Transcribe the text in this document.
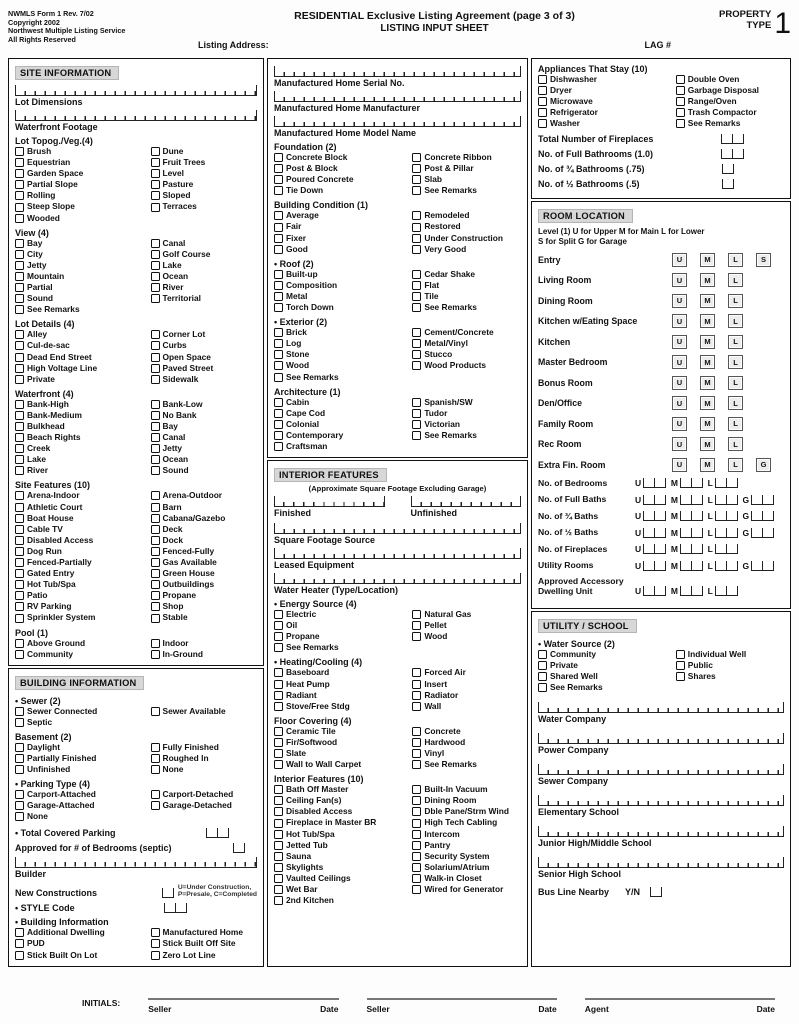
NWMLS Form 1 Rev. 7/02
Copyright 2002
Northwest Multiple Listing Service
All Rights Reserved
RESIDENTIAL Exclusive Listing Agreement (page 3 of 3)
LISTING INPUT SHEET
Listing Address:	LAG #
PROPERTY
TYPE 1
SITE INFORMATION
Lot Dimensions
Waterfront Footage
Lot Topog./Veg.(4)
Brush
Equestrian
Garden Space
Partial Slope
Rolling
Steep Slope
Wooded
Dune
Fruit Trees
Level
Pasture
Sloped
Terraces
View (4)
Bay
City
Jetty
Mountain
Partial
Sound
See Remarks
Canal
Golf Course
Lake
Ocean
River
Territorial
Lot Details (4)
Alley
Cul-de-sac
Dead End Street
High Voltage Line
Private
Corner Lot
Curbs
Open Space
Paved Street
Sidewalk
Waterfront (4)
Bank-High
Bank-Medium
Bulkhead
Beach Rights
Creek
Lake
River
Bank-Low
No Bank
Bay
Canal
Jetty
Ocean
Sound
Site Features (10)
Arena-Indoor
Athletic Court
Boat House
Cable TV
Disabled Access
Dog Run
Fenced-Partially
Gated Entry
Hot Tub/Spa
Patio
RV Parking
Sprinkler System
Arena-Outdoor
Barn
Cabana/Gazebo
Deck
Dock
Fenced-Fully
Gas Available
Green House
Outbuildings
Propane
Shop
Stable
Pool (1)
Above Ground
Community
Indoor
In-Ground
BUILDING INFORMATION
• Sewer (2)
Sewer Connected
Septic
Sewer Available
Basement (2)
Daylight
Partially Finished
Unfinished
Fully Finished
Roughed In
None
• Parking Type (4)
Carport-Attached
Garage-Attached
None
Carport-Detached
Garage-Detached
• Total Covered Parking
Approved for # of Bedrooms (septic)
Builder
New Constructions
U=Under Construction,
P=Presale, C=Completed
• STYLE Code
• Building Information
Additional Dwelling
PUD
Stick Built On Lot
Manufactured Home
Stick Built Off Site
Zero Lot Line
Manufactured Home Serial No.
Manufactured Home Manufacturer
Manufactured Home Model Name
Foundation (2)
Concrete Block
Post & Block
Poured Concrete
Tie Down
Concrete Ribbon
Post & Pillar
Slab
See Remarks
Building Condition (1)
Average
Fair
Fixer
Good
Remodeled
Restored
Under Construction
Very Good
• Roof (2)
Built-up
Composition
Metal
Torch Down
Cedar Shake
Flat
Tile
See Remarks
• Exterior (2)
Brick
Log
Stone
Wood
See Remarks
Cement/Concrete
Metal/Vinyl
Stucco
Wood Products
Architecture (1)
Cabin
Cape Cod
Colonial
Contemporary
Craftsman
Spanish/SW
Tudor
Victorian
See Remarks
INTERIOR FEATURES
(Approximate Square Footage Excluding Garage)
Finished	Unfinished
Square Footage Source
Leased Equipment
Water Heater (Type/Location)
• Energy Source (4)
Electric
Oil
Propane
See Remarks
Natural Gas
Pellet
Wood
• Heating/Cooling (4)
Baseboard
Heat Pump
Radiant
Stove/Free Stdg
Forced Air
Insert
Radiator
Wall
Floor Covering (4)
Ceramic Tile
Fir/Softwood
Slate
Wall to Wall Carpet
Concrete
Hardwood
Vinyl
See Remarks
Interior Features (10)
Bath Off Master
Ceiling Fan(s)
Disabled Access
Fireplace in Master BR
Hot Tub/Spa
Jetted Tub
Sauna
Skylights
Vaulted Ceilings
Wet Bar
2nd Kitchen
Built-In Vacuum
Dining Room
Dble Pane/Strm Wind
High Tech Cabling
Intercom
Pantry
Security System
Solarium/Atrium
Walk-in Closet
Wired for Generator
Appliances That Stay (10)
Dishwasher
Dryer
Microwave
Refrigerator
Washer
Double Oven
Garbage Disposal
Range/Oven
Trash Compactor
See Remarks
Total Number of Fireplaces
No. of Full Bathrooms (1.0)
No. of ¾ Bathrooms (.75)
No. of ½ Bathrooms (.5)
ROOM LOCATION
Level (1) U for Upper M for Main L for Lower
S for Split G for Garage
Entry	U	M	L	S
Living Room	U	M	L
Dining Room	U	M	L
Kitchen w/Eating Space	U	M	L
Kitchen	U	M	L
Master Bedroom	U	M	L
Bonus Room	U	M	L
Den/Office	U	M	L
Family Room	U	M	L
Rec Room	U	M	L
Extra Fin. Room	U	M	L	G
No. of Bedrooms	U	M	L
No. of Full Baths	U	M	L	G
No. of ¾ Baths	U	M	L	G
No. of ½ Baths	U	M	L	G
No. of Fireplaces	U	M	L
Utility Rooms	U	M	L	G
Approved Accessory Dwelling Unit	U	M	L
UTILITY / SCHOOL
• Water Source (2)
Community
Private
Shared Well
See Remarks
Individual Well
Public
Shares
Water Company
Power Company
Sewer Company
Elementary School
Junior High/Middle School
Senior High School
Bus Line Nearby Y/N
INITIALS:
Seller	Date	Seller	Date	Agent	Date
